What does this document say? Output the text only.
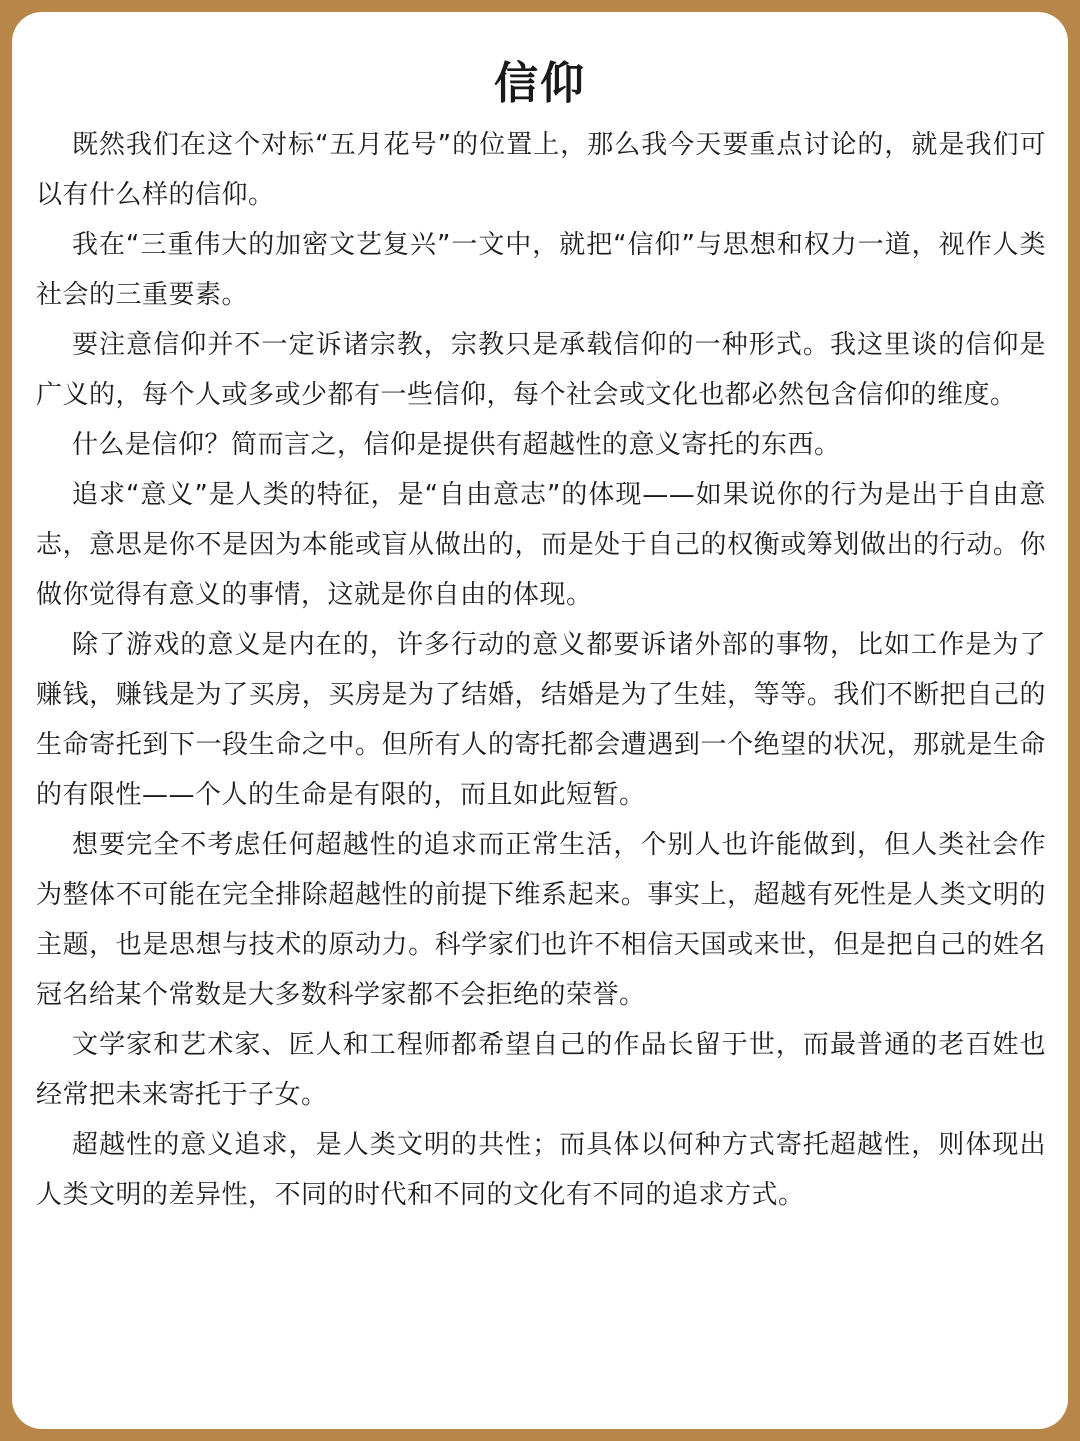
信仰

既然我们在这个对标“五月花号”的位置上，那么我今天要重点讨论的，就是我们可以有什么样的信仰。

我在“三重伟大的加密文艺复兴”一文中，就把“信仰”与思想和权力一道，视作人类社会的三重要素。

要注意信仰并不一定诉诸宗教，宗教只是承载信仰的一种形式。我这里谈的信仰是广义的，每个人或多或少都有一些信仰，每个社会或文化也都必然包含信仰的维度。

什么是信仰？简而言之，信仰是提供有超越性的意义寄托的东西。

追求“意义”是人类的特征，是“自由意志”的体现——如果说你的行为是出于自由意志，意思是你不是因为本能或盲从做出的，而是处于自己的权衡或筹划做出的行动。你做你觉得有意义的事情，这就是你自由的体现。

除了游戏的意义是内在的，许多行动的意义都要诉诸外部的事物，比如工作是为了赚钱，赚钱是为了买房，买房是为了结婚，结婚是为了生娃，等等。我们不断把自己的生命寄托到下一段生命之中。但所有人的寄托都会遭遇到一个绝望的状况，那就是生命的有限性——个人的生命是有限的，而且如此短暂。

想要完全不考虑任何超越性的追求而正常生活，个别人也许能做到，但人类社会作为整体不可能在完全排除超越性的前提下维系起来。事实上，超越有死性是人类文明的主题，也是思想与技术的原动力。科学家们也许不相信天国或来世，但是把自己的姓名冠名给某个常数是大多数科学家都不会拒绝的荣誉。

文学家和艺术家、匠人和工程师都希望自己的作品长留于世，而最普通的老百姓也经常把未来寄托于子女。

超越性的意义追求，是人类文明的共性；而具体以何种方式寄托超越性，则体现出人类文明的差异性，不同的时代和不同的文化有不同的追求方式。
